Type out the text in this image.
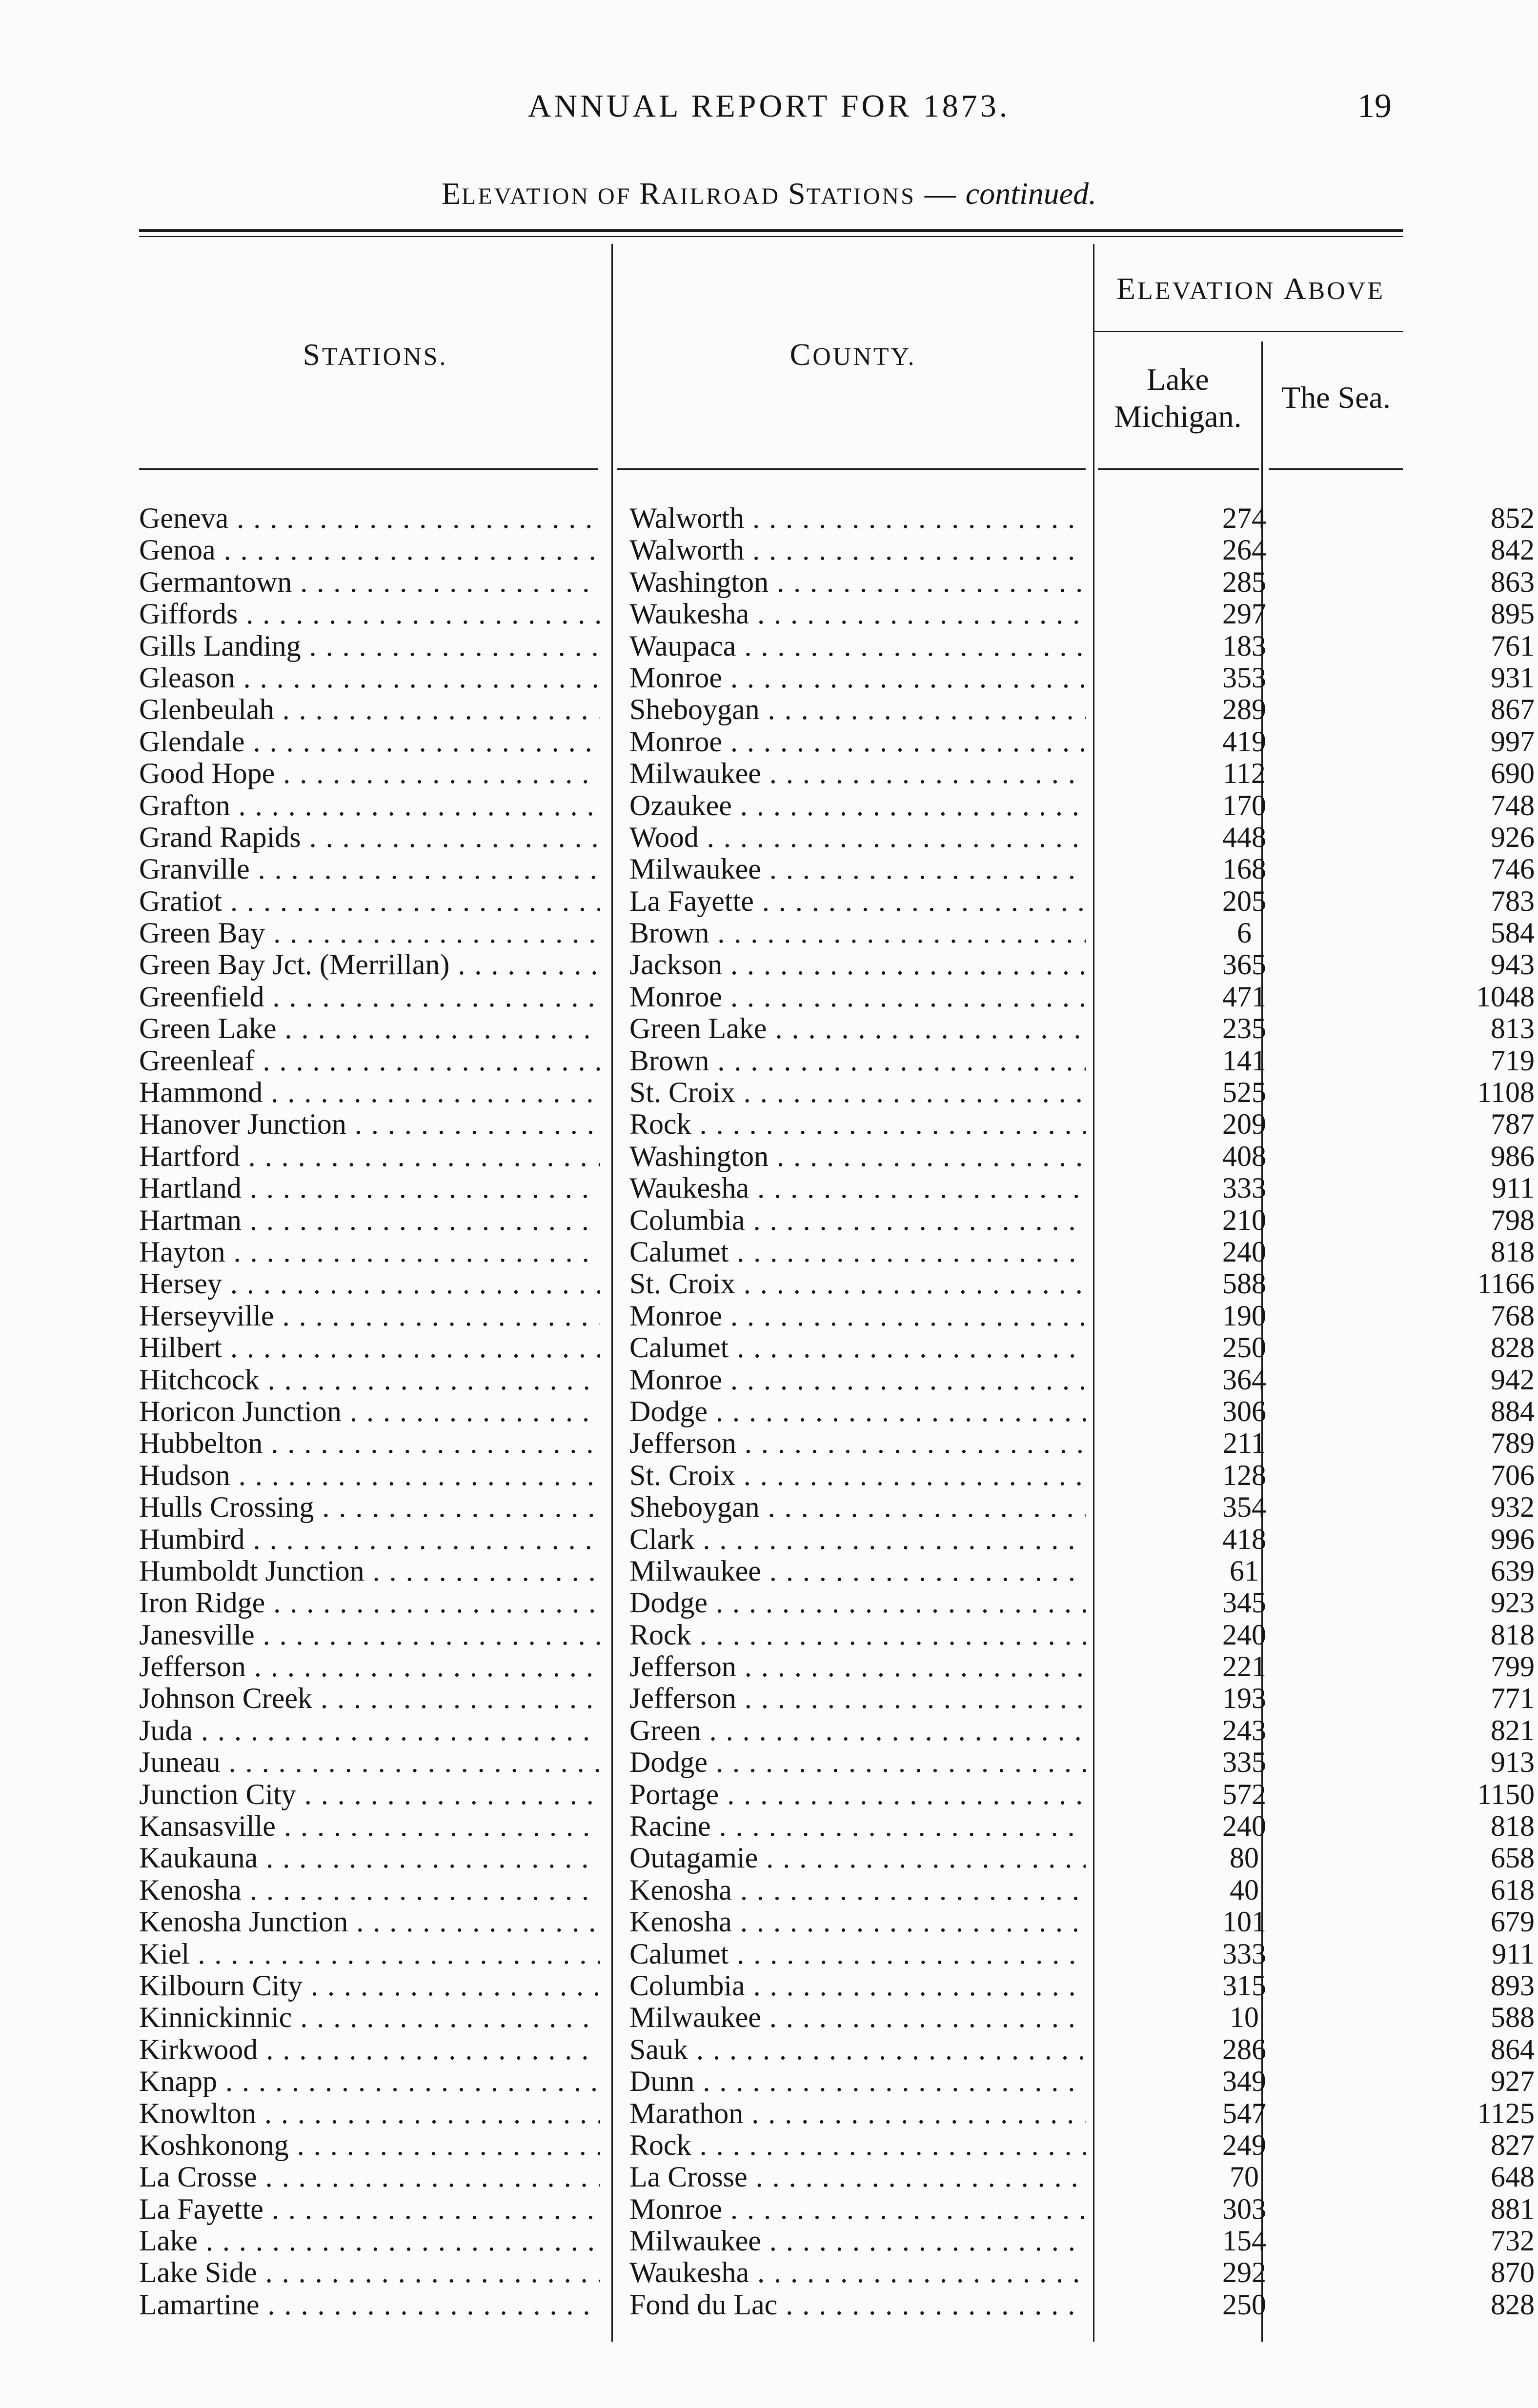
ANNUAL REPORT FOR 1873.	19
ELEVATION OF RAILROAD STATIONS — continued.
STATIONS.	COUNTY.
ELEVATION ABOVE
Lake
Michigan.
The Sea.
Geneva . . .	Walworth . . .	274	852
Genoa . . .	Walworth . . .	264	842
Germantown . . .	Washington . . .	285	863
Giffords . . .	Waukesha . . .	297	895
Gills Landing . . .	Waupaca . . .	183	761
Gleason . . .	Monroe . . .	353	931
Glenbeulah . . .	Sheboygan . . .	289	867
Glendale . . .	Monroe . . .	419	997
Good Hope . . .	Milwaukee . . .	112	690
Grafton . . .	Ozaukee . . .	170	748
Grand Rapids . . .	Wood . . .	448	926
Granville . . .	Milwaukee . . .	168	746
Gratiot . . .	La Fayette . . .	205	783
Green Bay . . .	Brown . . .	6	584
Green Bay Jct. (Merrillan) . . .	Jackson . . .	365	943
Greenfield . . .	Monroe . . .	471	1048
Green Lake . . .	Green Lake . . .	235	813
Greenleaf . . .	Brown . . .	141	719
Hammond . . .	St. Croix . . .	525	1108
Hanover Junction . . .	Rock . . .	209	787
Hartford . . .	Washington . . .	408	986
Hartland . . .	Waukesha . . .	333	911
Hartman . . .	Columbia . . .	210	798
Hayton . . .	Calumet . . .	240	818
Hersey . . .	St. Croix . . .	588	1166
Herseyville . . .	Monroe . . .	190	768
Hilbert . . .	Calumet . . .	250	828
Hitchcock . . .	Monroe . . .	364	942
Horicon Junction . . .	Dodge . . .	306	884
Hubbelton . . .	Jefferson . . .	211	789
Hudson . . .	St. Croix . . .	128	706
Hulls Crossing . . .	Sheboygan . . .	354	932
Humbird . . .	Clark . . .	418	996
Humboldt Junction . . .	Milwaukee . . .	61	639
Iron Ridge . . .	Dodge . . .	345	923
Janesville . . .	Rock . . .	240	818
Jefferson . . .	Jefferson . . .	221	799
Johnson Creek . . .	Jefferson . . .	193	771
Juda . . .	Green . . .	243	821
Juneau . . .	Dodge . . .	335	913
Junction City . . .	Portage . . .	572	1150
Kansasville . . .	Racine . . .	240	818
Kaukauna . . .	Outagamie . . .	80	658
Kenosha . . .	Kenosha . . .	40	618
Kenosha Junction . . .	Kenosha . . .	101	679
Kiel . . .	Calumet . . .	333	911
Kilbourn City . . .	Columbia . . .	315	893
Kinnickinnic . . .	Milwaukee . . .	10	588
Kirkwood . . .	Sauk . . .	286	864
Knapp . . .	Dunn . . .	349	927
Knowlton . . .	Marathon . . .	547	1125
Koshkonong . . .	Rock . . .	249	827
La Crosse . . .	La Crosse . . .	70	648
La Fayette . . .	Monroe . . .	303	881
Lake . . .	Milwaukee . . .	154	732
Lake Side . . .	Waukesha . . .	292	870
Lamartine . . .	Fond du Lac . . .	250	828
